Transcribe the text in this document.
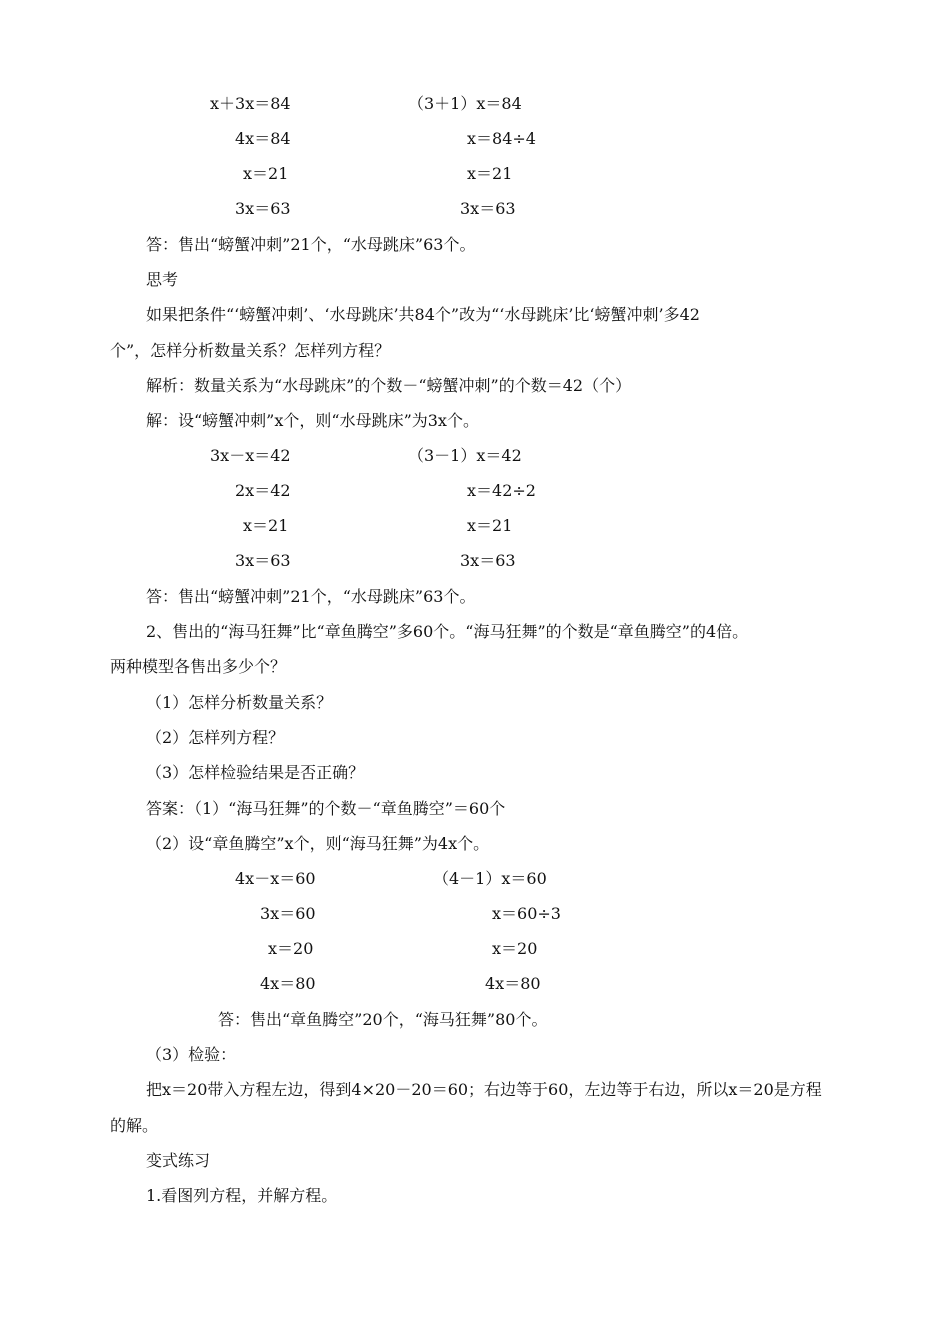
x＋3x＝84	（3＋1）x＝84
4x＝84	x＝84÷4
x＝21	x＝21
3x＝63	3x＝63
答：售出“螃蟹冲刺”21个，“水母跳床”63个。
思考
如果把条件“‘螃蟹冲刺’、‘水母跳床’共84个”改为“‘水母跳床’比‘螃蟹冲刺’多42
个”，怎样分析数量关系？怎样列方程？
解析：数量关系为“水母跳床”的个数－“螃蟹冲刺”的个数＝42（个）
解：设“螃蟹冲刺”x个，则“水母跳床”为3x个。
3x－x＝42	（3－1）x＝42
2x＝42	x＝42÷2
x＝21	x＝21
3x＝63	3x＝63
答：售出“螃蟹冲刺”21个，“水母跳床”63个。
2、售出的“海马狂舞”比“章鱼腾空”多60个。“海马狂舞”的个数是“章鱼腾空”的4倍。
两种模型各售出多少个？
（1）怎样分析数量关系？
（2）怎样列方程？
（3）怎样检验结果是否正确？
答案：（1）“海马狂舞”的个数－“章鱼腾空”＝60个
（2）设“章鱼腾空”x个，则“海马狂舞”为4x个。
4x－x＝60	（4－1）x＝60
3x＝60	x＝60÷3
x＝20	x＝20
4x＝80	4x＝80
答：售出“章鱼腾空”20个，“海马狂舞”80个。
（3）检验：
把x＝20带入方程左边，得到4×20－20＝60；右边等于60，左边等于右边，所以x＝20是方程
的解。
变式练习
1.看图列方程，并解方程。
